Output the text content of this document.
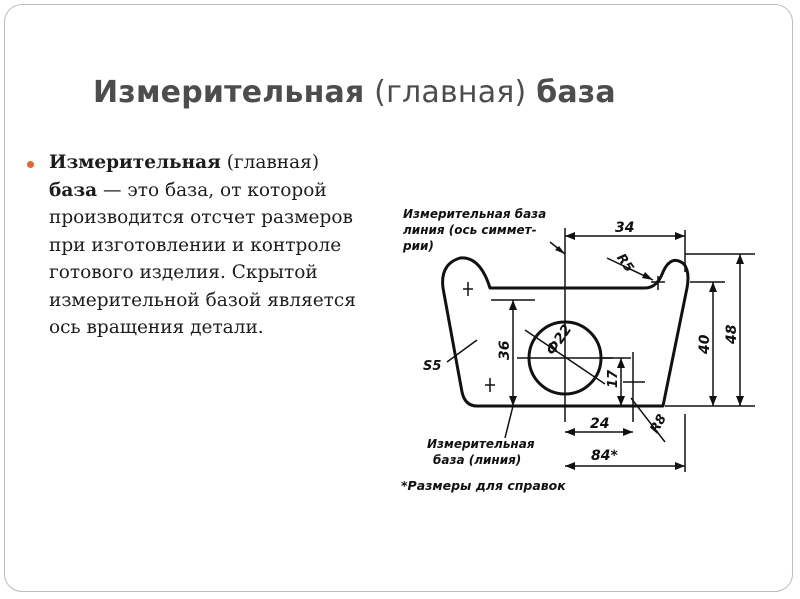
Измерительная (главная) база
Измерительная (главная) база — это база, от которой производится отсчет размеров при изготовлении и контроле готового изделия. Скрытой измерительной базой является ось вращения детали.
Измерительная база
линия (ось симмет-
рии)
34
R5
40
48
36 Ф22
17
S5
24	R8
84*
Измерительная
база (линия)
*Размеры для справок
